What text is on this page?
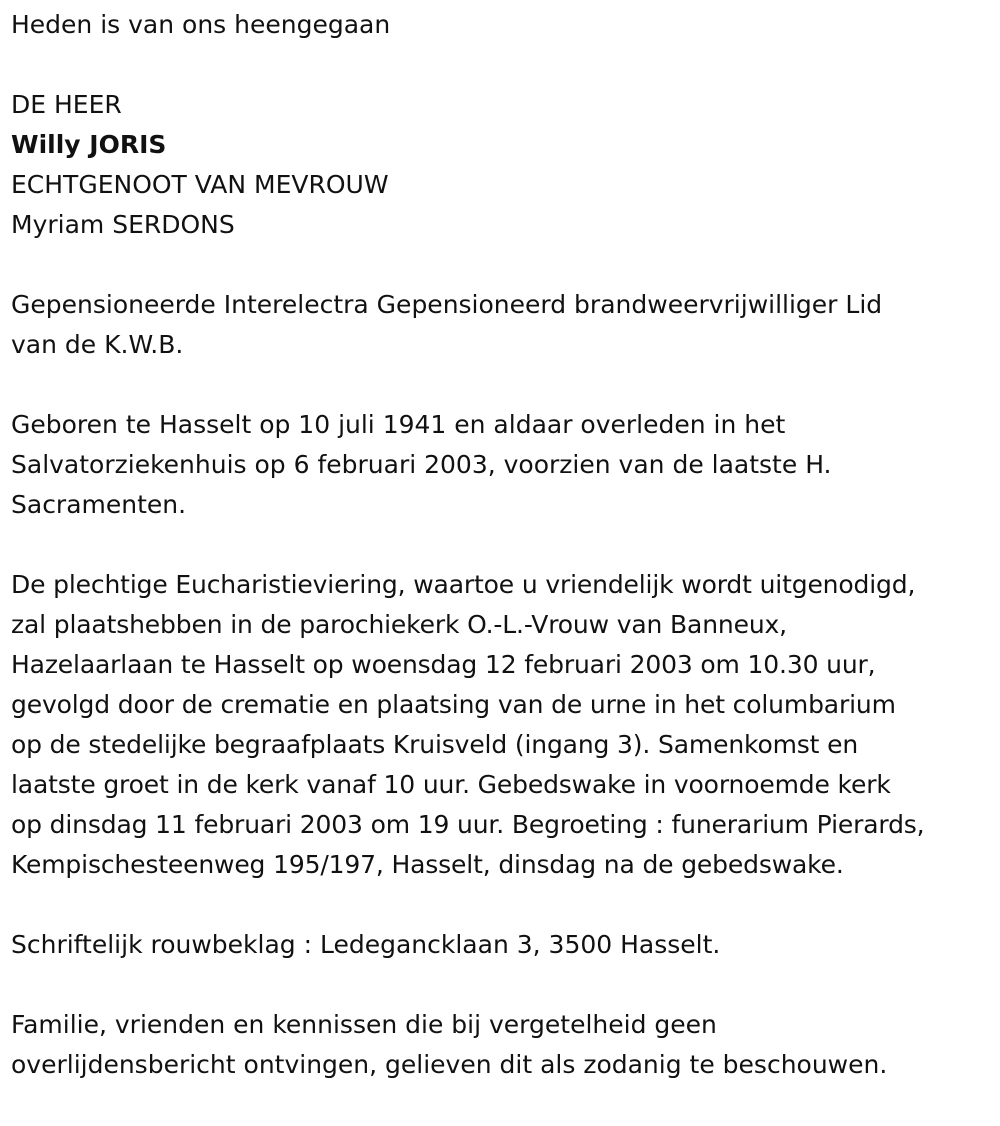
Heden is van ons heengegaan

DE HEER

Willy JORIS

ECHTGENOOT VAN MEVROUW

Myriam SERDONS

Gepensioneerde Interelectra Gepensioneerd brandweervrijwilliger Lid

van de K.W.B.

Geboren te Hasselt op 10 juli 1941 en aldaar overleden in het

Salvatorziekenhuis op 6 februari 2003, voorzien van de laatste H.

Sacramenten.

De plechtige Eucharistieviering, waartoe u vriendelijk wordt uitgenodigd,

zal plaatshebben in de parochiekerk O.-L.-Vrouw van Banneux,

Hazelaarlaan te Hasselt op woensdag 12 februari 2003 om 10.30 uur,

gevolgd door de crematie en plaatsing van de urne in het columbarium

op de stedelijke begraafplaats Kruisveld (ingang 3). Samenkomst en

laatste groet in de kerk vanaf 10 uur. Gebedswake in voornoemde kerk

op dinsdag 11 februari 2003 om 19 uur. Begroeting : funerarium Pierards,

Kempischesteenweg 195/197, Hasselt, dinsdag na de gebedswake.

Schriftelijk rouwbeklag : Ledegancklaan 3, 3500 Hasselt.

Familie, vrienden en kennissen die bij vergetelheid geen

overlijdensbericht ontvingen, gelieven dit als zodanig te beschouwen.
